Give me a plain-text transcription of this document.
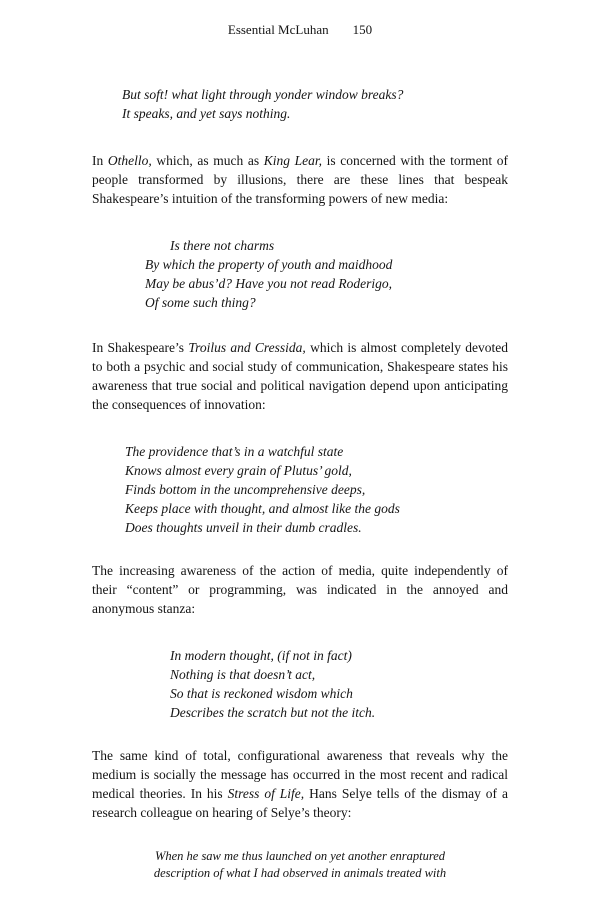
Essential McLuhan 150
But soft! what light through yonder window breaks?
It speaks, and yet says nothing.

In Othello, which, as much as King Lear, is concerned with the torment of people transformed by illusions, there are these lines that bespeak Shakespeare’s intuition of the transforming powers of new media:

Is there not charms
By which the property of youth and maidhood
May be abus’d? Have you not read Roderigo,
Of some such thing?

In Shakespeare’s Troilus and Cressida, which is almost completely devoted to both a psychic and social study of communication, Shakespeare states his awareness that true social and political navigation depend upon anticipating the consequences of innovation:

The providence that’s in a watchful state
Knows almost every grain of Plutus’ gold,
Finds bottom in the uncomprehensive deeps,
Keeps place with thought, and almost like the gods
Does thoughts unveil in their dumb cradles.

The increasing awareness of the action of media, quite independently of their “content” or programming, was indicated in the annoyed and anonymous stanza:

In modern thought, (if not in fact)
Nothing is that doesn’t act,
So that is reckoned wisdom which
Describes the scratch but not the itch.

The same kind of total, configurational awareness that reveals why the medium is socially the message has occurred in the most recent and radical medical theories. In his Stress of Life, Hans Selye tells of the dismay of a research colleague on hearing of Selye’s theory:

When he saw me thus launched on yet another enraptured
description of what I had observed in animals treated with
